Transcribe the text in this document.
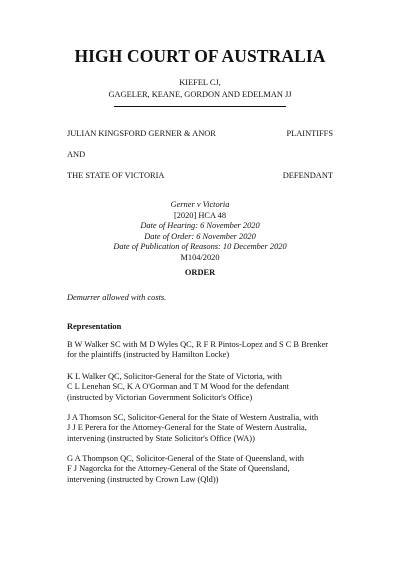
HIGH COURT OF AUSTRALIA
KIEFEL CJ,
GAGELER, KEANE, GORDON AND EDELMAN JJ
JULIAN KINGSFORD GERNER & ANOR	PLAINTIFFS
AND
THE STATE OF VICTORIA	DEFENDANT
Gerner v Victoria
[2020] HCA 48
Date of Hearing: 6 November 2020
Date of Order: 6 November 2020
Date of Publication of Reasons: 10 December 2020
M104/2020
ORDER
Demurrer allowed with costs.
Representation
B W Walker SC with M D Wyles QC, R F R Pintos-Lopez and S C B Brenker
for the plaintiffs (instructed by Hamilton Locke)
K L Walker QC, Solicitor-General for the State of Victoria, with
C L Lenehan SC, K A O'Gorman and T M Wood for the defendant
(instructed by Victorian Government Solicitor's Office)
J A Thomson SC, Solicitor-General for the State of Western Australia, with
J J E Perera for the Attorney-General for the State of Western Australia,
intervening (instructed by State Solicitor's Office (WA))
G A Thompson QC, Solicitor-General of the State of Queensland, with
F J Nagorcka for the Attorney-General of the State of Queensland,
intervening (instructed by Crown Law (Qld))
